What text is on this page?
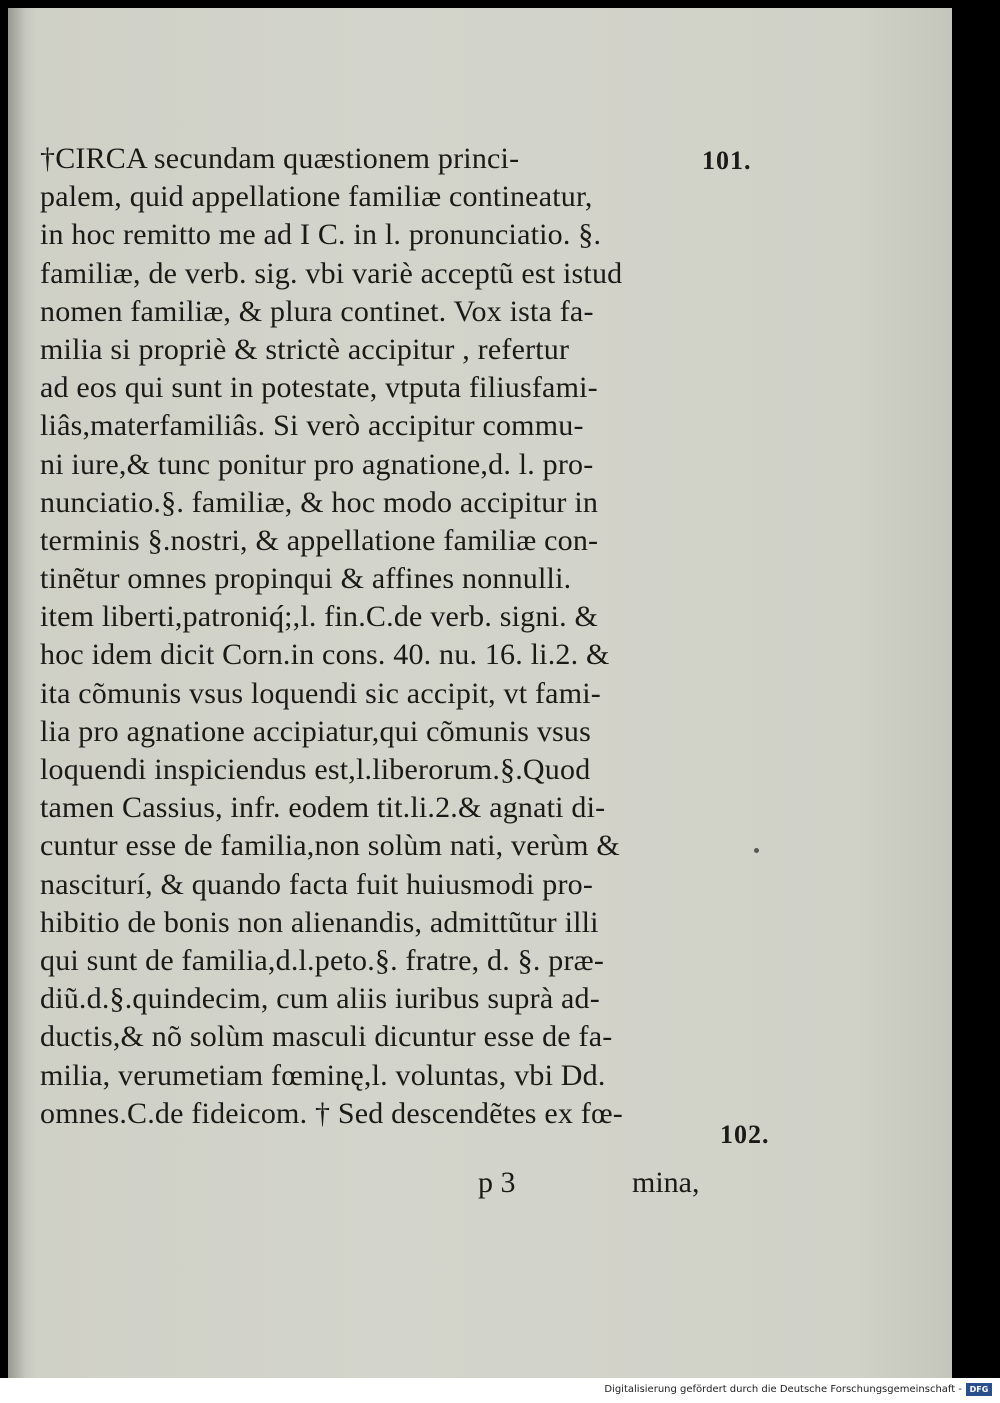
†CIRCA secundam quæstionem princi-
palem, quid appellatione familiæ contineatur,
in hoc remitto me ad I C. in l. pronunciatio. §.
familiæ, de verb. sig. vbi variè acceptũ est istud
nomen familiæ, & plura continet. Vox ista fa-
milia si propriè & strictè accipitur , refertur
ad eos qui sunt in potestate, vtputa filiusfami-
liâs,materfamiliâs. Si verò accipitur commu-
ni iure,& tunc ponitur pro agnatione,d. l. pro-
nunciatio.§. familiæ, & hoc modo accipitur in
terminis §.nostri, & appellatione familiæ con-
tinẽtur omnes propinqui & affines nonnulli.
item liberti,patroniq́;,l. fin.C.de verb. signi. &
hoc idem dicit Corn.in cons. 40. nu. 16. li.2. &
ita cõmunis vsus loquendi sic accipit, vt fami-
lia pro agnatione accipiatur,qui cõmunis vsus
loquendi inspiciendus est,l.liberorum.§.Quod
tamen Cassius, infr. eodem tit.li.2.& agnati di-
cuntur esse de familia,non solùm nati, verùm &
nasciturí, & quando facta fuit huiusmodi pro-
hibitio de bonis non alienandis, admittũtur illi
qui sunt de familia,d.l.peto.§. fratre, d. §. præ-
diũ.d.§.quindecim, cum aliis iuribus suprà ad-
ductis,& nõ solùm masculi dicuntur esse de fa-
milia, verumetiam fœminę,l. voluntas, vbi Dd.
omnes.C.de fideicom. † Sed descendẽtes ex fœ-
101.
102.
p 3	mina,
Digitalisierung gefördert durch die Deutsche Forschungsgemeinschaft - DFG
